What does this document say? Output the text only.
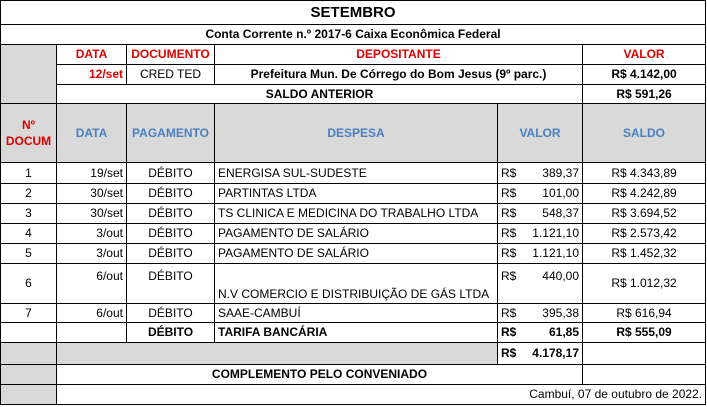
SETEMBRO					
Conta Corrente n.º 2017-6 Caixa Econômica Federal					
	DATA	DOCUMENTO	DEPOSITANTE		VALOR
	12/set	CRED TED	Prefeitura Mun. De Córrego do Bom Jesus (9º parc.)		R$ 4.142,00
	SALDO ANTERIOR				R$ 591,26
Nº DOCUM	DATA	PAGAMENTO	DESPESA	VALOR	SALDO
1	19/set	DÉBITO	ENERGISA SUL-SUDESTE	R$ 389,37	R$ 4.343,89
2	30/set	DÉBITO	PARTINTAS LTDA	R$ 101,00	R$ 4.242,89
3	30/set	DÉBITO	TS CLINICA E MEDICINA DO TRABALHO LTDA	R$ 548,37	R$ 3.694,52
4	3/out	DÉBITO	PAGAMENTO DE SALÁRIO	R$ 1.121,10	R$ 2.573,42
5	3/out	DÉBITO	PAGAMENTO DE SALÁRIO	R$ 1.121,10	R$ 1.452,32
6	6/out	DÉBITO	N.V COMERCIO E DISTRIBUIÇÃO DE GÁS LTDA	R$ 440,00	R$ 1.012,32
7	6/out	DÉBITO	SAAE-CAMBUÍ	R$ 395,38	R$ 616,94
		DÉBITO	TARIFA BANCÁRIA	R$ 61,85	R$ 555,09

				R$ 4.178,17	

	COMPLEMENTO PELO CONVENIADO				
	Cambuí, 07 de outubro de 2022.				
